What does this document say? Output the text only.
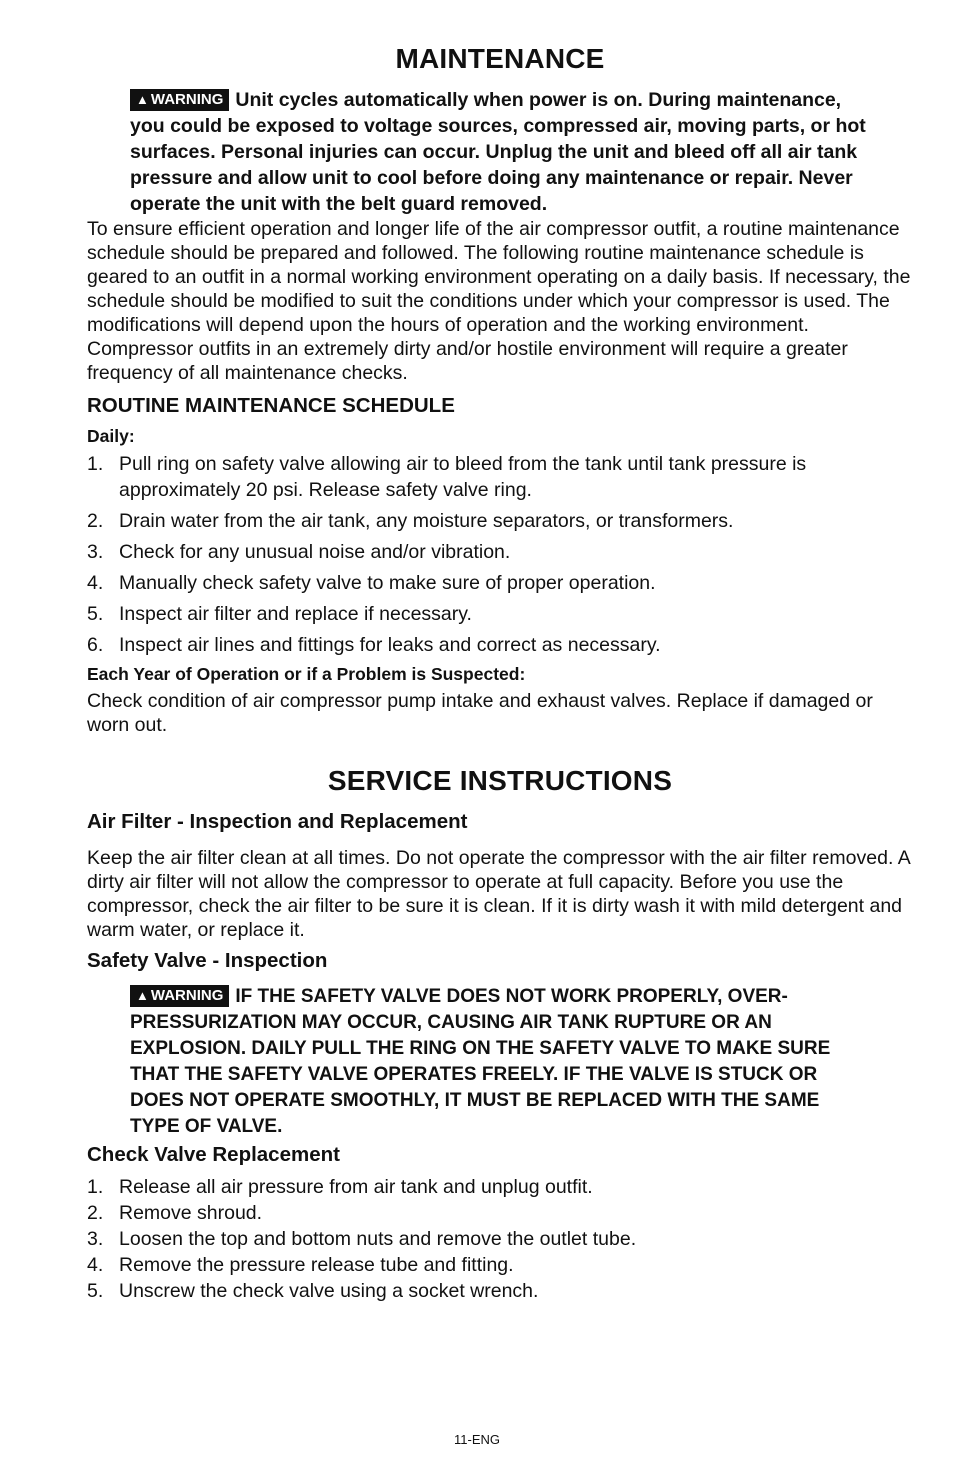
MAINTENANCE
▲ WARNING Unit cycles automatically when power is on. During maintenance, you could be exposed to voltage sources, compressed air, moving parts, or hot surfaces. Personal injuries can occur. Unplug the unit and bleed off all air tank pressure and allow unit to cool before doing any maintenance or repair. Never operate the unit with the belt guard removed.

To ensure efficient operation and longer life of the air compressor outfit, a routine maintenance schedule should be prepared and followed. The following routine maintenance schedule is geared to an outfit in a normal working environment operating on a daily basis. If necessary, the schedule should be modified to suit the conditions under which your compressor is used. The modifications will depend upon the hours of operation and the working environment. Compressor outfits in an extremely dirty and/or hostile environment will require a greater frequency of all maintenance checks.

ROUTINE MAINTENANCE SCHEDULE
Daily:
1. Pull ring on safety valve allowing air to bleed from the tank until tank pressure is approximately 20 psi. Release safety valve ring.
2. Drain water from the air tank, any moisture separators, or transformers.
3. Check for any unusual noise and/or vibration.
4. Manually check safety valve to make sure of proper operation.
5. Inspect air filter and replace if necessary.
6. Inspect air lines and fittings for leaks and correct as necessary.
Each Year of Operation or if a Problem is Suspected:

Check condition of air compressor pump intake and exhaust valves. Replace if damaged or worn out.

SERVICE INSTRUCTIONS
Air Filter - Inspection and Replacement

Keep the air filter clean at all times. Do not operate the compressor with the air filter removed. A dirty air filter will not allow the compressor to operate at full capacity. Before you use the compressor, check the air filter to be sure it is clean. If it is dirty wash it with mild detergent and warm water, or replace it.

Safety Valve - Inspection
▲ WARNING IF THE SAFETY VALVE DOES NOT WORK PROPERLY, OVER-PRESSURIZATION MAY OCCUR, CAUSING AIR TANK RUPTURE OR AN EXPLOSION. DAILY PULL THE RING ON THE SAFETY VALVE TO MAKE SURE THAT THE SAFETY VALVE OPERATES FREELY. IF THE VALVE IS STUCK OR DOES NOT OPERATE SMOOTHLY, IT MUST BE REPLACED WITH THE SAME TYPE OF VALVE.
Check Valve Replacement
1. Release all air pressure from air tank and unplug outfit.
2. Remove shroud.
3. Loosen the top and bottom nuts and remove the outlet tube.
4. Remove the pressure release tube and fitting.
5. Unscrew the check valve using a socket wrench.
11-ENG
